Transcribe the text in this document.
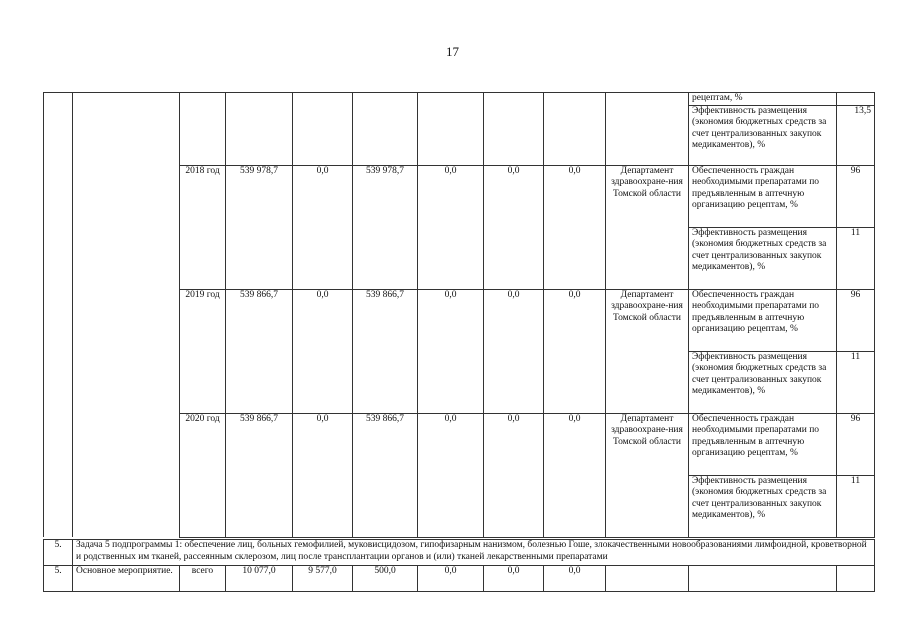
17
										рецептам, %	
										Эффективность размещения (экономия бюджетных средств за счет централизованных закупок медикаментов), %	13,5
		2018 год	539 978,7	0,0	539 978,7	0,0	0,0	0,0	Департамент здравоохране-ния Томской области	Обеспеченность граждан необходимыми препаратами по предъявленным в аптечную организацию рецептам, %	96
										Эффективность размещения (экономия бюджетных средств за счет централизованных закупок медикаментов), %	11
		2019 год	539 866,7	0,0	539 866,7	0,0	0,0	0,0	Департамент здравоохране-ния Томской области	Обеспеченность граждан необходимыми препаратами по предъявленным в аптечную организацию рецептам, %	96
										Эффективность размещения (экономия бюджетных средств за счет централизованных закупок медикаментов), %	11
		2020 год	539 866,7	0,0	539 866,7	0,0	0,0	0,0	Департамент здравоохране-ния Томской области	Обеспеченность граждан необходимыми препаратами по предъявленным в аптечную организацию рецептам, %	96
										Эффективность размещения (экономия бюджетных средств за счет централизованных закупок медикаментов), %	11
5.	Задача 5 подпрограммы 1: обеспечение лиц, больных гемофилией, муковисцидозом, гипофизарным нанизмом, болезнью Гоше, злокачественными новообразованиями лимфоидной, кроветворной и родственных им тканей, рассеянным склерозом, лиц после трансплантации органов и (или) тканей лекарственными препаратами										
5.	Основное мероприятие.	всего	10 077,0	9 577,0	500,0	0,0	0,0	0,0			
